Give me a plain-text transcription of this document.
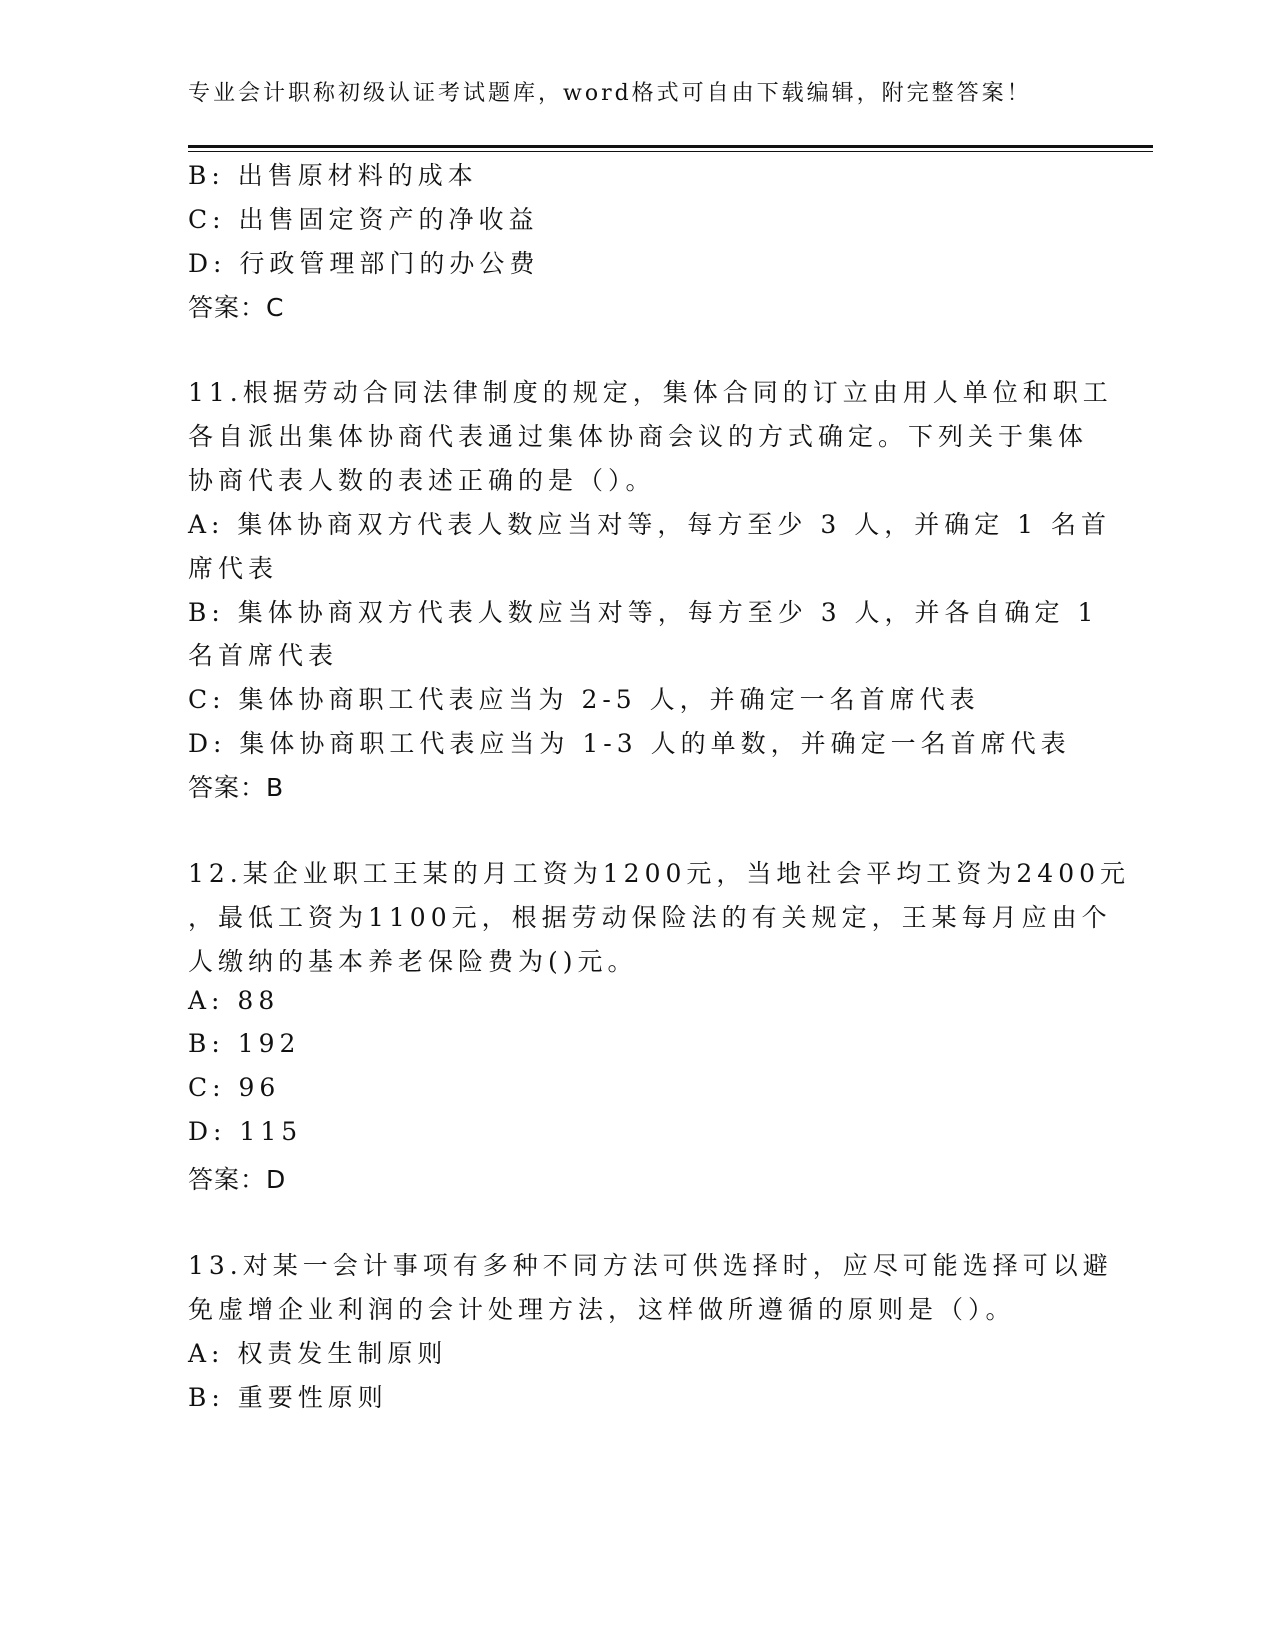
专业会计职称初级认证考试题库，word格式可自由下载编辑，附完整答案！
B: 出售原材料的成本
C: 出售固定资产的净收益
D: 行政管理部门的办公费
答案：C
11.根据劳动合同法律制度的规定，集体合同的订立由用人单位和职工
各自派出集体协商代表通过集体协商会议的方式确定。下列关于集体
协商代表人数的表述正确的是（）。
A: 集体协商双方代表人数应当对等，每方至少 3 人，并确定 1 名首
席代表
B: 集体协商双方代表人数应当对等，每方至少 3 人，并各自确定 1
名首席代表
C: 集体协商职工代表应当为 2-5 人，并确定一名首席代表
D: 集体协商职工代表应当为 1-3 人的单数，并确定一名首席代表
答案：B
12.某企业职工王某的月工资为1200元，当地社会平均工资为2400元
，最低工资为1100元，根据劳动保险法的有关规定，王某每月应由个
人缴纳的基本养老保险费为()元。
A: 88
B: 192
C: 96
D: 115
答案：D
13.对某一会计事项有多种不同方法可供选择时，应尽可能选择可以避
免虚增企业利润的会计处理方法，这样做所遵循的原则是（）。
A: 权责发生制原则
B: 重要性原则
